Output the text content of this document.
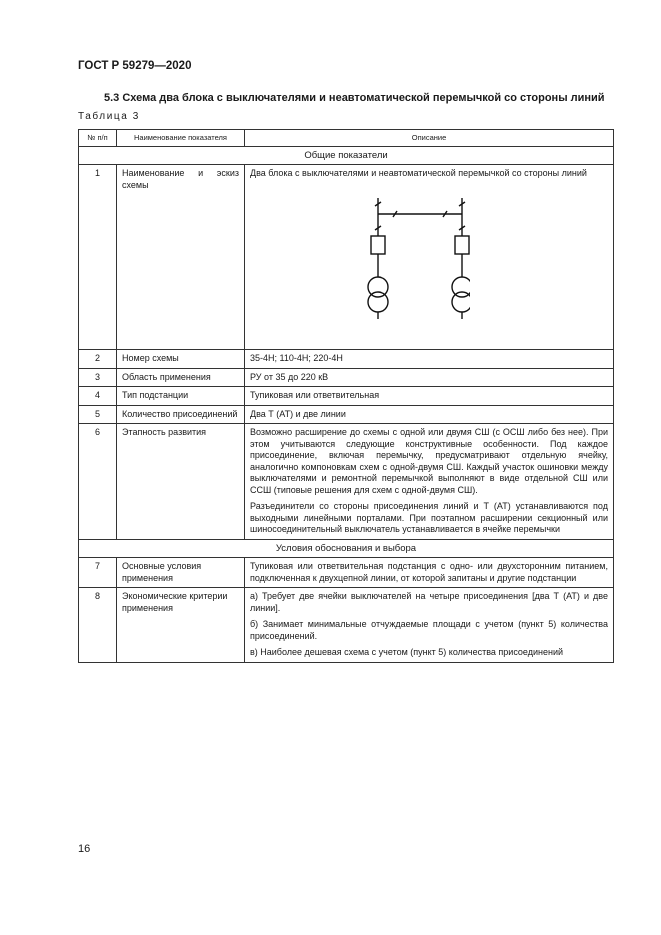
ГОСТ Р 59279—2020
5.3 Схема два блока с выключателями и неавтоматической перемычкой со стороны линий
Таблица 3
№ п/п	Наименование показателя	Описание
Общие показатели		
1	Наименование и эскиз схемы	Два блока с выключателями и неавтоматической перемычкой со стороны линий

2	Номер схемы	35-4Н; 110-4Н; 220-4Н
3	Область применения	РУ от 35 до 220 кВ
4	Тип подстанции	Тупиковая или ответвительная
5	Количество присоединений	Два Т (АТ) и две линии
6	Этапность развития	Возможно расширение до схемы с одной или двумя СШ (с ОСШ либо без нее). При этом учитываются следующие конструктивные особенности. Под каждое присоединение, включая перемычку, предусматривают отдельную ячейку, аналогично компоновкам схем с одной-двумя СШ. Каждый участок ошиновки между выключателями и ремонтной перемычкой выполняют в виде отдельной СШ или ССШ (типовые решения для схем с одной-двумя СШ).

Разъединители со стороны присоединения линий и Т (АТ) устанавливаются под выходными линейными порталами. При поэтапном расширении секционный или шиносоединительный выключатель устанавливается в ячейке перемычки

Условия обоснования и выбора		
7	Основные условия применения	Тупиковая или ответвительная подстанция с одно- или двухсторонним питанием, подключенная к двухцепной линии, от которой запитаны и другие подстанции
8	Экономические критерии применения	а) Требует две ячейки выключателей на четыре присоединения [два Т (АТ) и две линии].

б) Занимает минимальные отчуждаемые площади с учетом (пункт 5) количества присоединений.

в) Наиболее дешевая схема с учетом (пункт 5) количества присоединений

16
